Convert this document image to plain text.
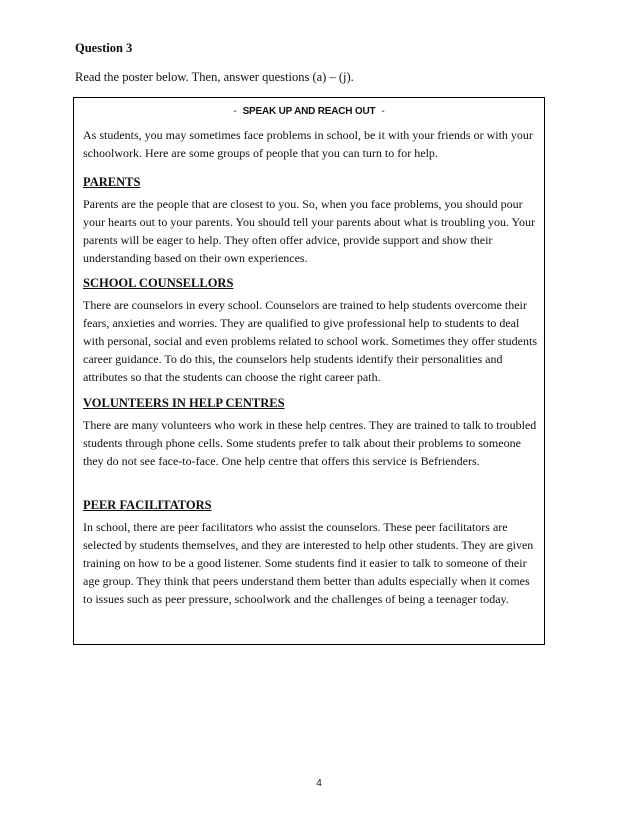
Question 3
Read the poster below. Then, answer questions (a) – (j).
- SPEAK UP AND REACH OUT -
As students, you may sometimes face problems in school, be it with your friends or with your schoolwork. Here are some groups of people that you can turn to for help.
PARENTS
Parents are the people that are closest to you. So, when you face problems, you should pour your hearts out to your parents. You should tell your parents about what is troubling you. Your parents will be eager to help. They often offer advice, provide support and show their understanding based on their own experiences.
SCHOOL COUNSELLORS
There are counselors in every school. Counselors are trained to help students overcome their fears, anxieties and worries. They are qualified to give professional help to students to deal with personal, social and even problems related to school work. Sometimes they offer students career guidance. To do this, the counselors help students identify their personalities and attributes so that the students can choose the right career path.
VOLUNTEERS IN HELP CENTRES
There are many volunteers who work in these help centres. They are trained to talk to troubled students through phone cells. Some students prefer to talk about their problems to someone they do not see face-to-face. One help centre that offers this service is Befrienders.
PEER FACILITATORS
In school, there are peer facilitators who assist the counselors. These peer facilitators are selected by students themselves, and they are interested to help other students. They are given training on how to be a good listener. Some students find it easier to talk to someone of their age group. They think that peers understand them better than adults especially when it comes to issues such as peer pressure, schoolwork and the challenges of being a teenager today.
4
